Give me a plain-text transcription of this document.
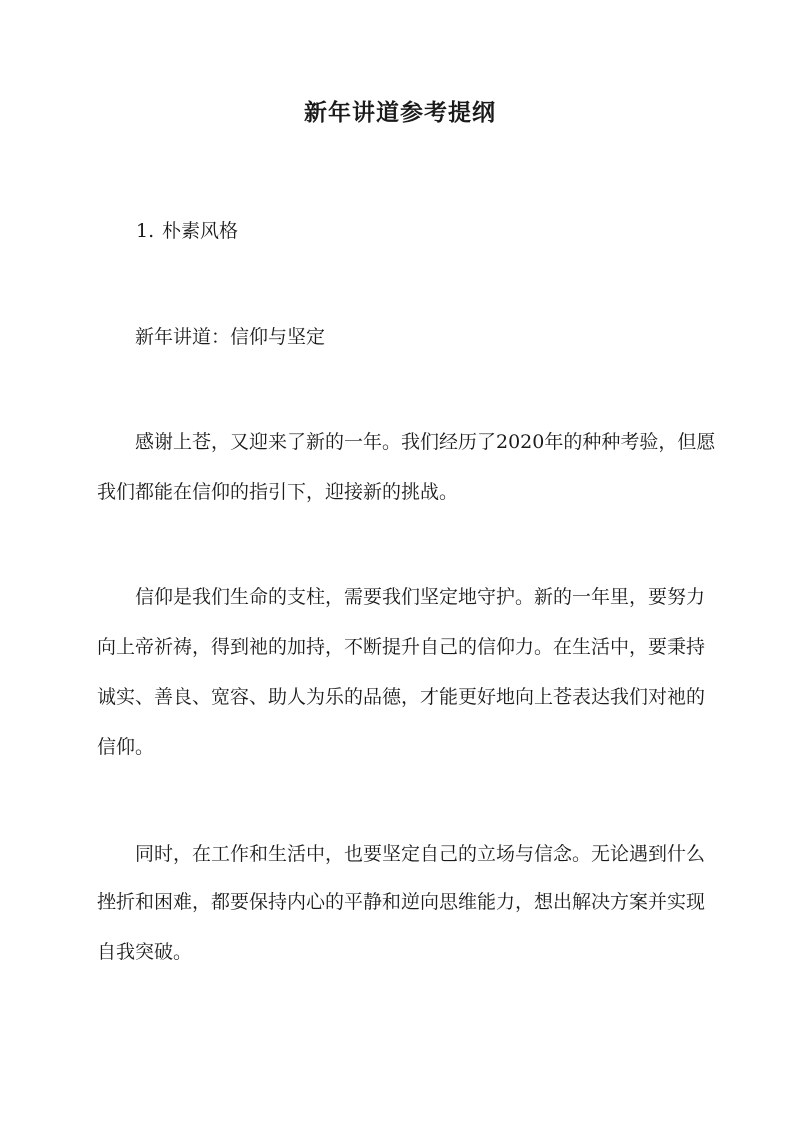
新年讲道参考提纲
1. 朴素风格
新年讲道：信仰与坚定
感谢上苍，又迎来了新的一年。我们经历了2020年的种种考验，但愿
我们都能在信仰的指引下，迎接新的挑战。
信仰是我们生命的支柱，需要我们坚定地守护。新的一年里，要努力
向上帝祈祷，得到祂的加持，不断提升自己的信仰力。在生活中，要秉持
诚实、善良、宽容、助人为乐的品德，才能更好地向上苍表达我们对祂的
信仰。
同时，在工作和生活中，也要坚定自己的立场与信念。无论遇到什么
挫折和困难，都要保持内心的平静和逆向思维能力，想出解决方案并实现
自我突破。
